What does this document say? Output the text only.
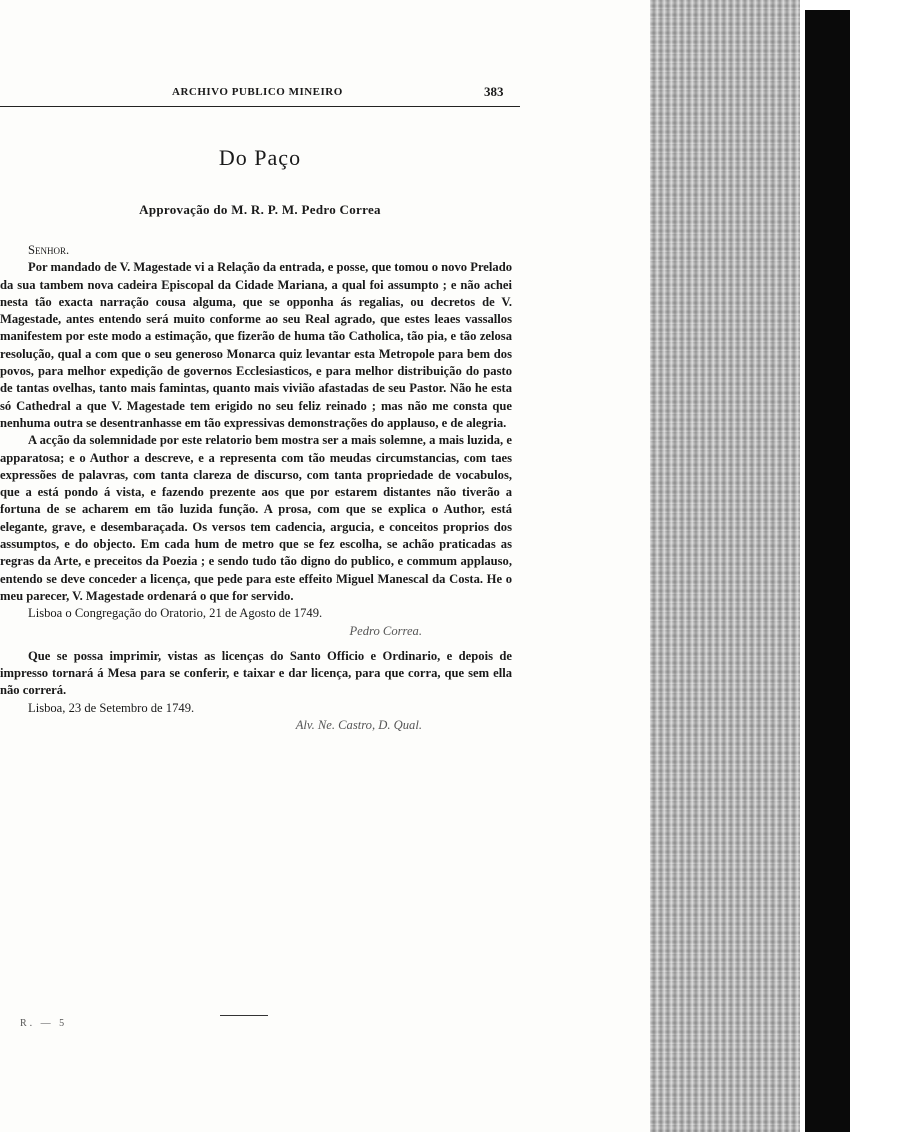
ARCHIVO PUBLICO MINEIRO	383
Do Paço
Approvação do M. R. P. M. Pedro Correa

Senhor.

Por mandado de V. Magestade vi a Relação da entrada, e posse, que tomou o novo Prelado da sua tambem nova cadeira Episcopal da Cidade Mariana, a qual foi assumpto ; e não achei nesta tão exacta narração cousa alguma, que se opponha ás regalias, ou decretos de V. Magestade, antes entendo será muito conforme ao seu Real agrado, que estes leaes vassallos manifestem por este modo a estimação, que fizerão de huma tão Catholica, tão pia, e tão zelosa resolução, qual a com que o seu generoso Monarca quiz levantar esta Metropole para bem dos povos, para melhor expedição de governos Ecclesiasticos, e para melhor distribuição do pasto de tantas ovelhas, tanto mais famintas, quanto mais vivião afastadas de seu Pastor. Não he esta só Cathedral a que V. Magestade tem erigido no seu feliz reinado ; mas não me consta que nenhuma outra se desentranhasse em tão expressivas demonstrações do applauso, e de alegria.

A acção da solemnidade por este relatorio bem mostra ser a mais solemne, a mais luzida, e apparatosa; e o Author a descreve, e a representa com tão meudas circumstancias, com taes expressões de palavras, com tanta clareza de discurso, com tanta propriedade de vocabulos, que a está pondo á vista, e fazendo prezente aos que por estarem distantes não tiverão a fortuna de se acharem em tão luzida função. A prosa, com que se explica o Author, está elegante, grave, e desembaraçada. Os versos tem cadencia, argucia, e conceitos proprios dos assumptos, e do objecto. Em cada hum de metro que se fez escolha, se achão praticadas as regras da Arte, e preceitos da Poezia ; e sendo tudo tão digno do publico, e commum applauso, entendo se deve conceder a licença, que pede para este effeito Miguel Manescal da Costa. He o meu parecer, V. Magestade ordenará o que for servido.

Lisboa o Congregação do Oratorio, 21 de Agosto de 1749.

Pedro Correa.

Que se possa imprimir, vistas as licenças do Santo Officio e Ordinario, e depois de impresso tornará á Mesa para se conferir, e taixar e dar licença, para que corra, que sem ella não correrá.

Lisboa, 23 de Setembro de 1749.

Alv. Ne. Castro, D. Qual.

R. — 5
